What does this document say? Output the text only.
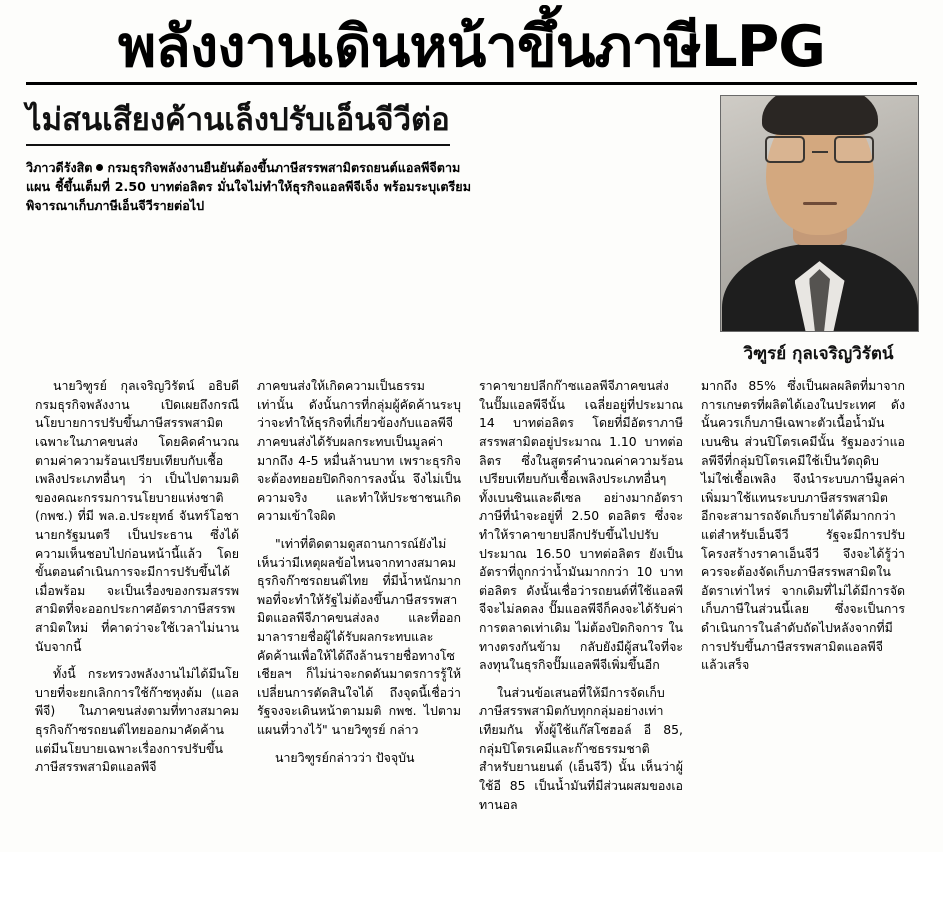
พลังงานเดินหน้าขึ้นภาษีLPG
ไม่สนเสียงค้านเล็งปรับเอ็นจีวีต่อ
วิภาวดีรังสิต กรมธุรกิจพลังงานยืนยันต้องขึ้นภาษีสรรพสามิตรถยนต์แอลพีจีตามแผน ชี้ขึ้นเต็มที่ 2.50 บาทต่อลิตร มั่นใจไม่ทำให้ธุรกิจแอลพีจีเจ็ง พร้อมระบุเตรียมพิจารณาเก็บภาษีเอ็นจีวีรายต่อไป
วิฑูรย์ กุลเจริญวิรัตน์

นายวิฑูรย์ กุลเจริญวิรัตน์ อธิบดีกรมธุรกิจพลังงาน เปิดเผยถึงกรณีนโยบายการปรับขึ้นภาษีสรรพสามิต เฉพาะในภาคขนส่ง โดยคิดคำนวณตามค่าความร้อนเปรียบเทียบกับเชื้อเพลิงประเภทอื่นๆ ว่า เป็นไปตามมติของคณะกรรมการนโยบายแห่งชาติ (กพช.) ที่มี พล.อ.ประยุทธ์ จันทร์โอชา นายกรัฐมนตรี เป็นประธาน ซึ่งได้ความเห็นชอบไปก่อนหน้านี้แล้ว โดยขั้นตอนดำเนินการจะมีการปรับขึ้นได้เมื่อพร้อม จะเป็นเรื่องของกรมสรรพสามิตที่จะออกประกาศอัตราภาษีสรรพสามิตใหม่ ที่คาดว่าจะใช้เวลาไม่นานนับจากนี้

ทั้งนี้ กระทรวงพลังงานไม่ได้มีนโยบายที่จะยกเลิกการใช้ก๊าซหุงต้ม (แอลพีจี) ในภาคขนส่งตามที่ทางสมาคมธุรกิจก๊าซรถยนต์ไทยออกมาคัดค้าน แต่มีนโยบายเฉพาะเรื่องการปรับขึ้นภาษีสรรพสามิตแอลพีจี

ภาคขนส่งให้เกิดความเป็นธรรมเท่านั้น ดังนั้นการที่กลุ่มผู้คัดค้านระบุว่าจะทำให้ธุรกิจที่เกี่ยวข้องกับแอลพีจีภาคขนส่งได้รับผลกระทบเป็นมูลค่ามากถึง 4-5 หมื่นล้านบาท เพราะธุรกิจจะต้องทยอยปิดกิจการลงนั้น จึงไม่เป็นความจริง และทำให้ประชาชนเกิดความเข้าใจผิด

"เท่าที่ติดตามดูสถานการณ์ยังไม่เห็นว่ามีเหตุผลข้อไหนจากทางสมาคมธุรกิจก๊าซรถยนต์ไทย ที่มีน้ำหนักมากพอที่จะทำให้รัฐไม่ต้องขึ้นภาษีสรรพสามิตแอลพีจีภาคขนส่งลง และที่ออกมาลารายชื่อผู้ได้รับผลกระทบและคัดค้านเพื่อให้ได้ถึงล้านรายชื่อทางโซเชียลฯ ก็ไม่น่าจะกดดันมาตรการรู้ให้เปลี่ยนการตัดสินใจได้ ถึงจุดนี้เชื่อว่ารัฐจงจะเดินหน้าตามมติ กพช. ไปตามแผนที่วางไว้" นายวิฑูรย์ กล่าว

นายวิฑูรย์กล่าวว่า ปัจจุบัน

ราคาขายปลีกก๊าซแอลพีจีภาคขนส่งในปั๊มแอลพีจีนั้น เฉลี่ยอยู่ที่ประมาณ 14 บาทต่อลิตร โดยที่มีอัตราภาษีสรรพสามิตอยู่ประมาณ 1.10 บาทต่อลิตร ซึ่งในสูตรคำนวณค่าความร้อนเปรียบเทียบกับเชื้อเพลิงประเภทอื่นๆ ทั้งเบนซินและดีเซล อย่างมากอัตราภาษีที่นำจะอยู่ที่ 2.50 ดอลิตร ซึ่งจะทำให้ราคาขายปลีกปรับขึ้นไปปรับประมาณ 16.50 บาทต่อลิตร ยังเป็นอัตราที่ถูกกว่าน้ำมันมากกว่า 10 บาทต่อลิตร ดังนั้นเชื่อว่ารถยนต์ที่ใช้แอลพีจีจะไม่ลดลง ปั๊มแอลพีจีก็คงจะได้รับค่าการตลาดเท่าเดิม ไม่ต้องปิดกิจการ ในทางตรงกันข้าม กลับยังมีผู้สนใจที่จะลงทุนในธุรกิจปั๊มแอลพีจีเพิ่มขึ้นอีก

ในส่วนข้อเสนอที่ให้มีการจัดเก็บภาษีสรรพสามิตกับทุกกลุ่มอย่างเท่าเทียมกัน ทั้งผู้ใช้แก๊สโซฮอล์ อี 85, กลุ่มปิโตรเคมีและก๊าซธรรมชาติสำหรับยานยนต์ (เอ็นจีวี) นั้น เห็นว่าผู้ใช้อี 85 เป็นน้ำมันที่มีส่วนผสมของเอทานอล

มากถึง 85% ซึ่งเป็นผลผลิตที่มาจากการเกษตรที่ผลิตได้เองในประเทศ ดังนั้นควรเก็บภาษีเฉพาะตัวเนื้อน้ำมันเบนซิน ส่วนปิโตรเคมีนั้น รัฐมองว่าแอลพีจีที่กลุ่มปิโตรเคมีใช้เป็นวัตถุดิบไม่ใช่เชื้อเพลิง จึงนำระบบภาษีมูลค่าเพิ่มมาใช้แทนระบบภาษีสรรพสามิต อีกจะสามารถจัดเก็บรายได้ดีมากกว่า แต่สำหรับเอ็นจีวี รัฐจะมีการปรับโครงสร้างราคาเอ็นจีวี จึงจะได้รู้ว่าควรจะต้องจัดเก็บภาษีสรรพสามิตใน อัตราเท่าไหร่ จากเดิมที่ไม่ได้มีการจัดเก็บภาษีในส่วนนี้เลย ซึ่งจะเป็นการดำเนินการในลำดับถัดไปหลังจากที่มีการปรับขึ้นภาษีสรรพสามิตแอลพีจีแล้วเสร็จ
